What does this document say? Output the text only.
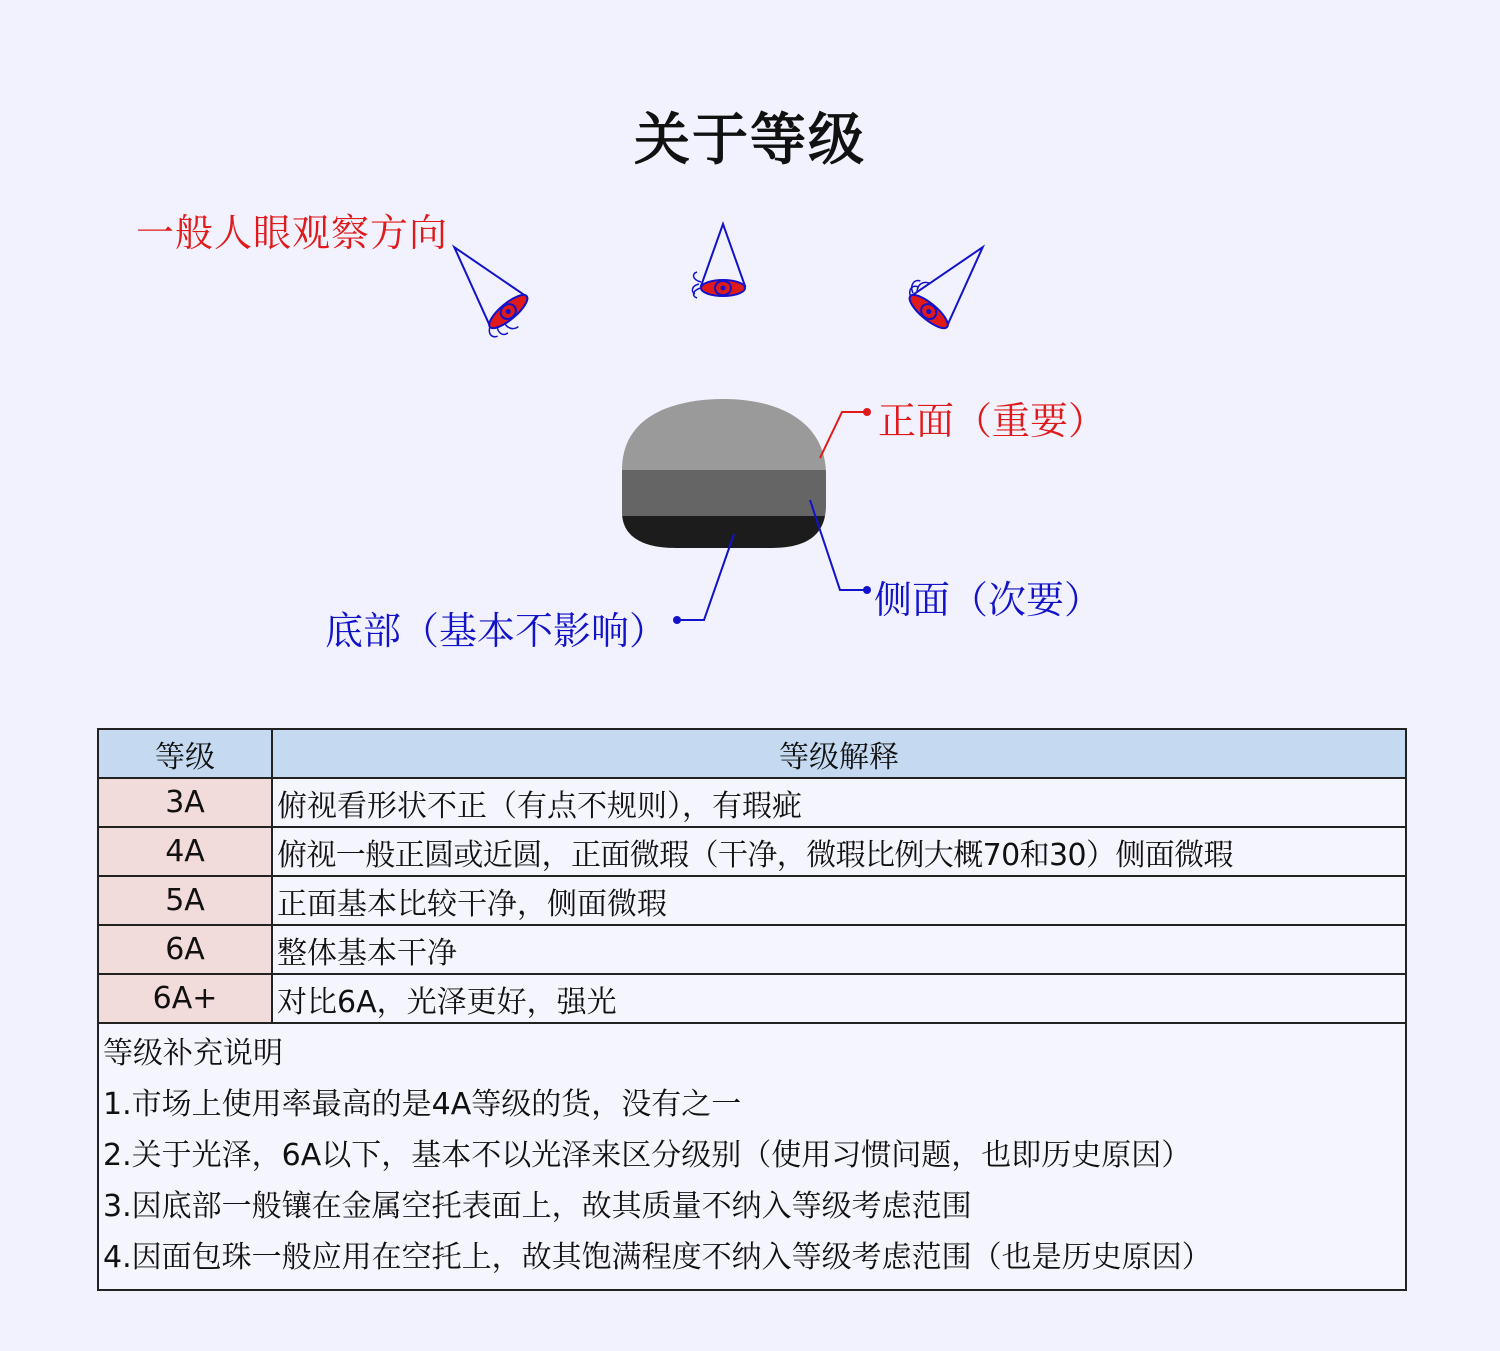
关于等级
一般人眼观察方向
正面（重要）
侧面（次要）
底部（基本不影响）
等级	等级解释
3A	俯视看形状不正（有点不规则），有瑕疵
4A	俯视一般正圆或近圆，正面微瑕（干净，微瑕比例大概70和30）侧面微瑕
5A	正面基本比较干净，侧面微瑕
6A	整体基本干净
6A+	对比6A，光泽更好，强光

等级补充说明
1.市场上使用率最高的是4A等级的货，没有之一
2.关于光泽，6A以下，基本不以光泽来区分级别（使用习惯问题，也即历史原因）
3.因底部一般镶在金属空托表面上，故其质量不纳入等级考虑范围
4.因面包珠一般应用在空托上，故其饱满程度不纳入等级考虑范围（也是历史原因）	
